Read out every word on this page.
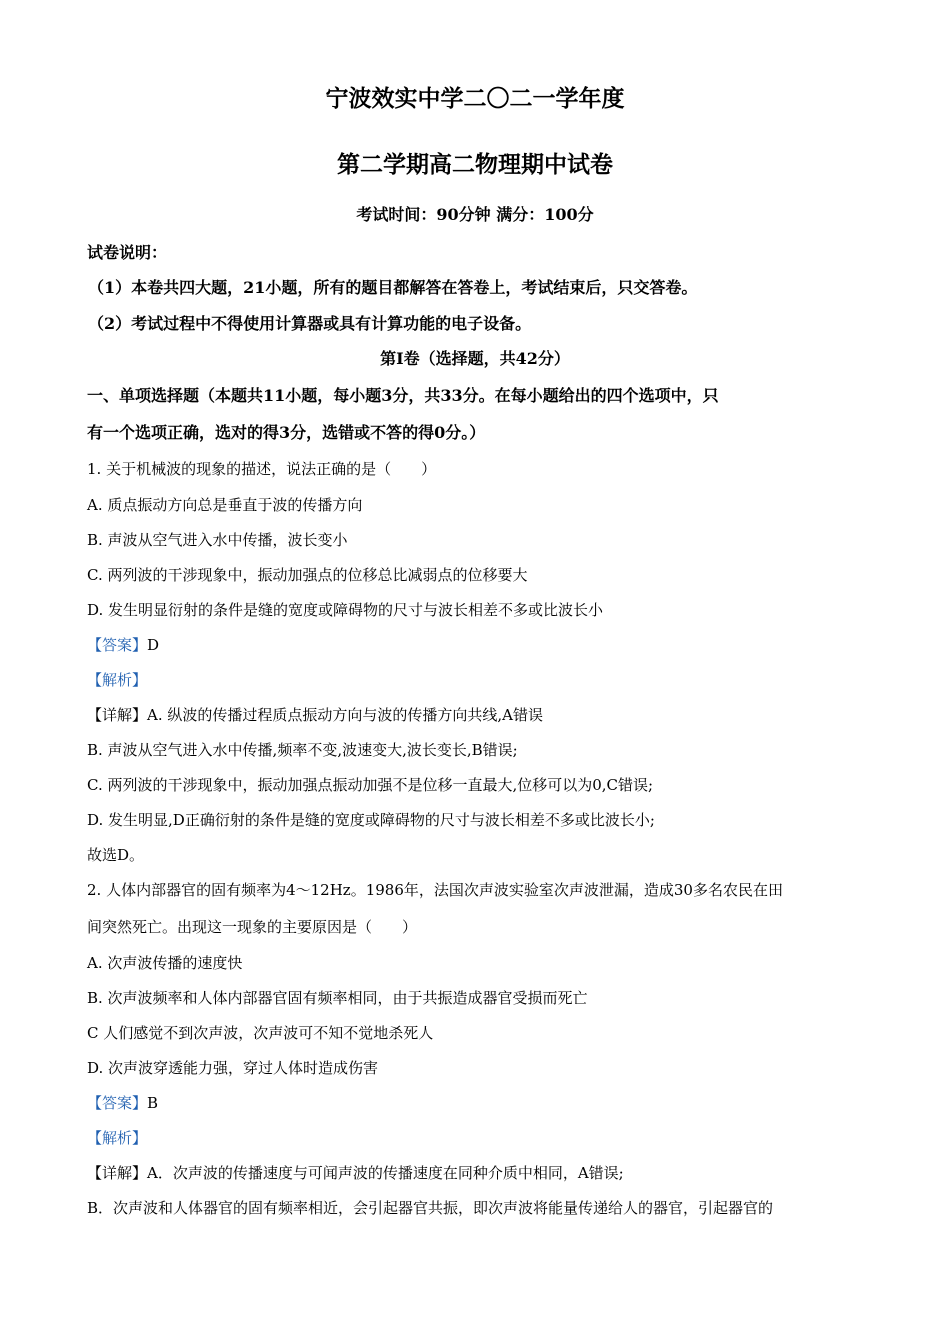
宁波效实中学二〇二一学年度
第二学期高二物理期中试卷
考试时间：90分钟 满分：100分
试卷说明：
（1）本卷共四大题，21小题，所有的题目都解答在答卷上，考试结束后，只交答卷。
（2）考试过程中不得使用计算器或具有计算功能的电子设备。
第I卷（选择题，共42分）
一、单项选择题（本题共11小题，每小题3分，共33分。在每小题给出的四个选项中，只
有一个选项正确，选对的得3分，选错或不答的得0分。）
1. 关于机械波的现象的描述，说法正确的是（　　）
A. 质点振动方向总是垂直于波的传播方向
B. 声波从空气进入水中传播，波长变小
C. 两列波的干涉现象中，振动加强点的位移总比减弱点的位移要大
D. 发生明显衍射的条件是缝的宽度或障碍物的尺寸与波长相差不多或比波长小
【答案】D
【解析】
【详解】A. 纵波的传播过程质点振动方向与波的传播方向共线,A错误
B. 声波从空气进入水中传播,频率不变,波速变大,波长变长,B错误;
C. 两列波的干涉现象中，振动加强点振动加强不是位移一直最大,位移可以为0,C错误;
D. 发生明显,D正确衍射的条件是缝的宽度或障碍物的尺寸与波长相差不多或比波长小;
故选D。
2. 人体内部器官的固有频率为4～12Hz。1986年，法国次声波实验室次声波泄漏，造成30多名农民在田
间突然死亡。出现这一现象的主要原因是（　　）
A. 次声波传播的速度快
B. 次声波频率和人体内部器官固有频率相同，由于共振造成器官受损而死亡
C 人们感觉不到次声波，次声波可不知不觉地杀死人
D. 次声波穿透能力强，穿过人体时造成伤害
【答案】B
【解析】
【详解】A．次声波的传播速度与可闻声波的传播速度在同种介质中相同，A错误;
B．次声波和人体器官的固有频率相近，会引起器官共振，即次声波将能量传递给人的器官，引起器官的
